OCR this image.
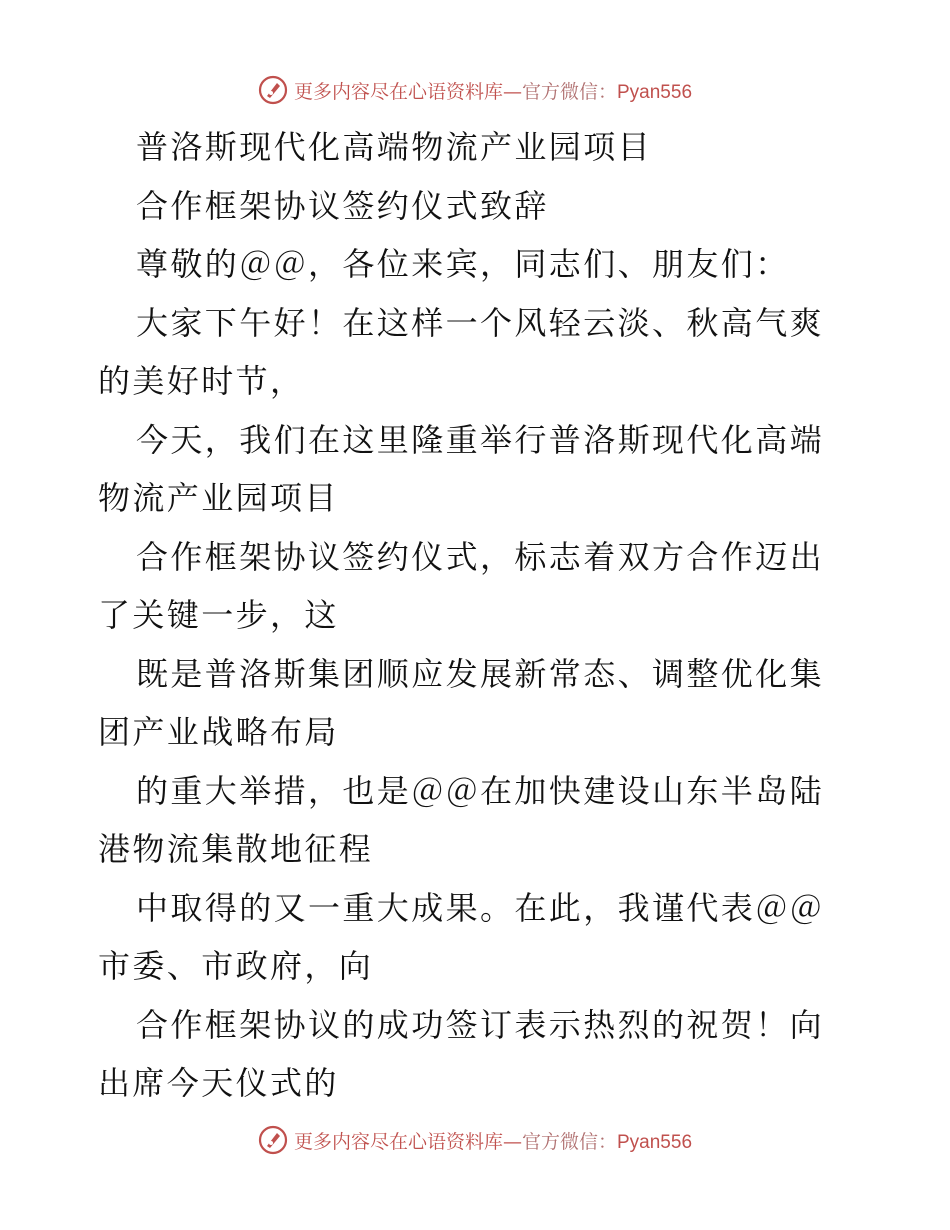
更多内容尽在心语资料库—官方微信：Pyan556

普洛斯现代化高端物流产业园项目

合作框架协议签约仪式致辞

尊敬的＠＠，各位来宾，同志们、朋友们：

大家下午好！在这样一个风轻云淡、秋高气爽的美好时节，

今天，我们在这里隆重举行普洛斯现代化高端物流产业园项目

合作框架协议签约仪式，标志着双方合作迈出了关键一步，这

既是普洛斯集团顺应发展新常态、调整优化集团产业战略布局

的重大举措，也是＠＠在加快建设山东半岛陆港物流集散地征程

中取得的又一重大成果。在此，我谨代表＠＠市委、市政府，向

合作框架协议的成功签订表示热烈的祝贺！向出席今天仪式的

更多内容尽在心语资料库—官方微信：Pyan556
